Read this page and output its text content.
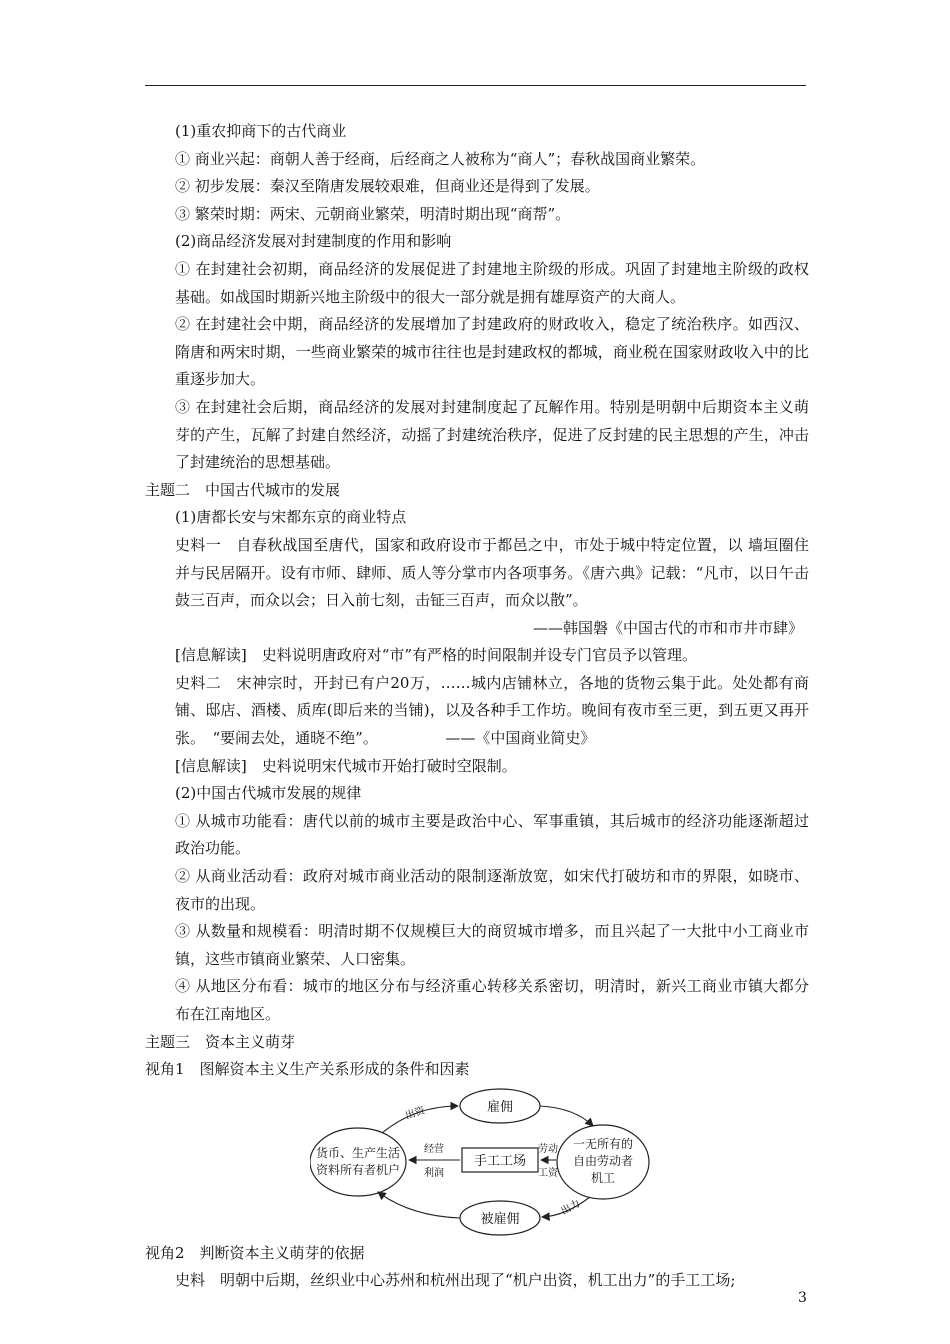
(1)重农抑商下的古代商业

① 商业兴起：商朝人善于经商，后经商之人被称为“商人”；春秋战国商业繁荣。

② 初步发展：秦汉至隋唐发展较艰难，但商业还是得到了发展。

③ 繁荣时期：两宋、元朝商业繁荣，明清时期出现“商帮”。

(2)商品经济发展对封建制度的作用和影响

① 在封建社会初期，商品经济的发展促进了封建地主阶级的形成。巩固了封建地主阶级的政权基础。如战国时期新兴地主阶级中的很大一部分就是拥有雄厚资产的大商人。

② 在封建社会中期，商品经济的发展增加了封建政府的财政收入，稳定了统治秩序。如西汉、隋唐和两宋时期，一些商业繁荣的城市往往也是封建政权的都城，商业税在国家财政收入中的比重逐步加大。

③ 在封建社会后期，商品经济的发展对封建制度起了瓦解作用。特别是明朝中后期资本主义萌芽的产生，瓦解了封建自然经济，动摇了封建统治秩序，促进了反封建的民主思想的产生，冲击了封建统治的思想基础。

主题二　中国古代城市的发展

(1)唐都长安与宋都东京的商业特点

史料一　自春秋战国至唐代，国家和政府设市于都邑之中，市处于城中特定位置，以 墙垣圈住并与民居隔开。设有市师、肆师、质人等分掌市内各项事务。《唐六典》记载：“凡市，以日午击鼓三百声，而众以会；日入前七刻，击钲三百声，而众以散”。

——韩国磐《中国古代的市和市井市肆》

[信息解读]　史料说明唐政府对“市”有严格的时间限制并设专门官员予以管理。

史料二　宋神宗时，开封已有户20万，……城内店铺林立，各地的货物云集于此。处处都有商铺、邸店、酒楼、质库(即后来的当铺)，以及各种手工作坊。晚间有夜市至三更，到五更又再开张。　“要闹去处，通晓不绝”。　　　　　——《中国商业简史》

[信息解读]　史料说明宋代城市开始打破时空限制。

(2)中国古代城市发展的规律

① 从城市功能看：唐代以前的城市主要是政治中心、军事重镇，其后城市的经济功能逐渐超过政治功能。

② 从商业活动看：政府对城市商业活动的限制逐渐放宽，如宋代打破坊和市的界限，如晓市、夜市的出现。

③ 从数量和规模看：明清时期不仅规模巨大的商贸城市增多，而且兴起了一大批中小工商业市镇，这些市镇商业繁荣、人口密集。

④ 从地区分布看：城市的地区分布与经济重心转移关系密切，明清时，新兴工商业市镇大都分布在江南地区。

主题三　资本主义萌芽

视角1　图解资本主义生产关系形成的条件和因素

货币、生产生活
资料所有者机户
雇佣
被雇佣
手工工场
一无所有的
自由劳动者
机工
出资
出力
经营
利润
劳动
工资

视角2　判断资本主义萌芽的依据

史料　明朝中后期，丝织业中心苏州和杭州出现了“机户出资，机工出力”的手工工场;

3
